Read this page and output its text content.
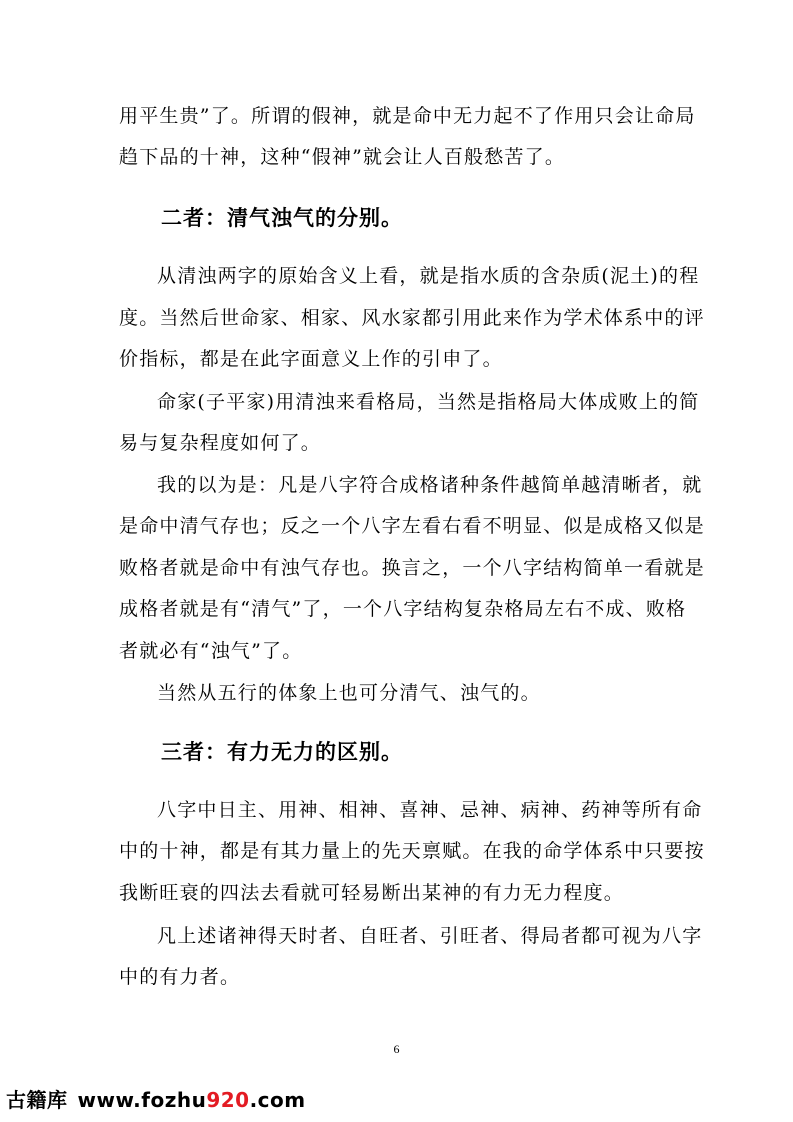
用平生贵”了。所谓的假神，就是命中无力起不了作用只会让命局
趋下品的十神，这种“假神”就会让人百般愁苦了。
二者：清气浊气的分别。
从清浊两字的原始含义上看，就是指水质的含杂质(泥土)的程
度。当然后世命家、相家、风水家都引用此来作为学术体系中的评
价指标，都是在此字面意义上作的引申了。
命家(子平家)用清浊来看格局，当然是指格局大体成败上的简
易与复杂程度如何了。
我的以为是：凡是八字符合成格诸种条件越简单越清晰者，就
是命中清气存也；反之一个八字左看右看不明显、似是成格又似是
败格者就是命中有浊气存也。换言之，一个八字结构简单一看就是
成格者就是有“清气”了，一个八字结构复杂格局左右不成、败格
者就必有“浊气”了。
当然从五行的体象上也可分清气、浊气的。
三者：有力无力的区别。
八字中日主、用神、相神、喜神、忌神、病神、药神等所有命
中的十神，都是有其力量上的先天禀赋。在我的命学体系中只要按
我断旺衰的四法去看就可轻易断出某神的有力无力程度。
凡上述诸神得天时者、自旺者、引旺者、得局者都可视为八字
中的有力者。
6
古籍库 www.fozhu920.com
